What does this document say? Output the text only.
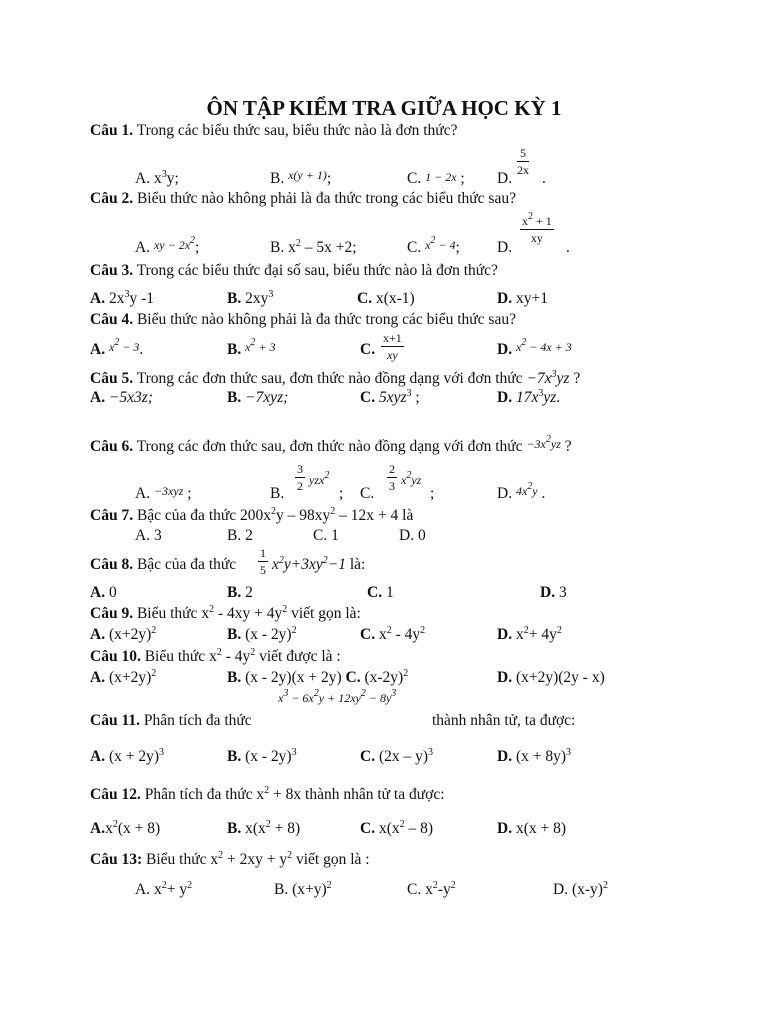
ÔN TẬP KIỂM TRA GIỮA HỌC KỲ 1
Câu 1. Trong các biểu thức sau, biểu thức nào là đơn thức?
A. $x^3y$;	B. $^{x(y + 1)}$;	C. 1 − 2x ; D.
$\frac{5}{2x}$
.
Câu 2. Biểu thức nào không phải là đa thức trong các biểu thức sau?
A. xy − $2x^2$;	B. $x^2 - 5x +2$;	C. $x^2 - 4$; D.
$\frac{x^2 + 1}{xy}$
.
Câu 3. Trong các biểu thức đại số sau, biểu thức nào là đơn thức?
A. $2x^3y$ -1	B. $2xy^3$	C. x(x-1)	D. xy+1
Câu 4. Biểu thức nào không phải là đa thức trong các biểu thức sau?
A. $x^2 - 3$.	B. $x^2 + 3$	C. $\frac{x+1}{xy}$	D. $x^2 - 4x + 3$
Câu 5. Trong các đơn thức sau, đơn thức nào đồng dạng với đơn thức $-7x^3yz$ ?
A. −5x3z;	B. −7xyz;	C. 5xyz$^3$ ;	D. $17x^3yz$.
Câu 6. Trong các đơn thức sau, đơn thức nào đồng dạng với đơn thức $-3x^2yz$ ?
A. −3xyz ;	B.
$\frac{3}{2} yzx^2$
; C.
$\frac{2}{3} x^2yz$
;	D. $4x^2y$ .
Câu 7. Bậc của đa thức $200x^2y - 98xy^2 - 12x + 4$ là
A. 3	B. 2	C. 1	D. 0
Câu 8. Bậc của đa thức $\frac{1}{5} x^2y+3xy^2-1$ là:
A. 0	B. 2	C. 1	D. 3
Câu 9. Biểu thức $x^2 - 4xy + 4y^2$ viết gọn là:
A. $(x+2y)^2$	B. (x - 2y)$^2$	C. $x^2 - 4y^2$	D. $x^2+ 4y^2$
Câu 10. Biểu thức $x^2 - 4y^2$ viết được là :
A. $(x+2y)^2$	B. (x - 2y)(x + 2y) C. $(x-2y)^2$	D. (x+2y)(2y - x)
$x^3 - 6x^2y + 12xy^2 - 8y^3$
Câu 11. Phân tích đa thức	thành nhân tử, ta được:
A. $(x + 2y)^3$	B. (x - 2y)$^3$	C. (2x – y)$^3$	D. $(x + 8y)^3$
Câu 12. Phân tích đa thức $x^2 + 8x$ thành nhân tử ta được:
$A.x^2(x + 8)$	B. $x(x^2 + 8)$	C. $x(x^2 - 8)$	D. x(x + 8)
Câu 13: Biểu thức $x^2 + 2xy + y^2$ viết gọn là :
A. $x^2+ y^2$	B. $(x+y)^2$	C. $x^2-y^2$	D. $(x-y)^2$
